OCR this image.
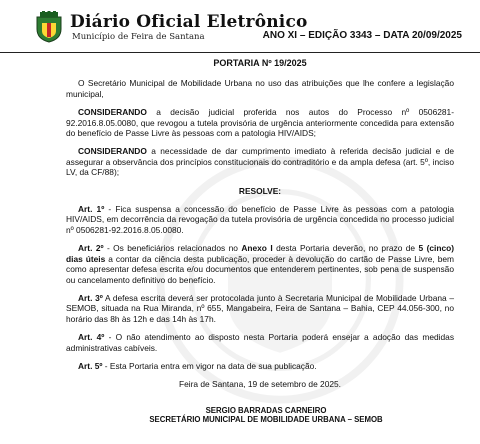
Diário Oficial Eletrônico
Município de Feira de Santana	ANO XI – EDIÇÃO 3343 – DATA 20/09/2025
PORTARIA Nº 19/2025

O Secretário Municipal de Mobilidade Urbana no uso das atribuições que lhe confere a legislação municipal,

CONSIDERANDO a decisão judicial proferida nos autos do Processo nº 0506281-92.2016.8.05.0080, que revogou a tutela provisória de urgência anteriormente concedida para extensão do benefício de Passe Livre às pessoas com a patologia HIV/AIDS;

CONSIDERANDO a necessidade de dar cumprimento imediato à referida decisão judicial e de assegurar a observância dos princípios constitucionais do contraditório e da ampla defesa (art. 5º, inciso LV, da CF/88);

RESOLVE:

Art. 1º - Fica suspensa a concessão do benefício de Passe Livre às pessoas com a patologia HIV/AIDS, em decorrência da revogação da tutela provisória de urgência concedida no processo judicial nº 0506281-92.2016.8.05.0080.

Art. 2º - Os beneficiários relacionados no Anexo I desta Portaria deverão, no prazo de 5 (cinco) dias úteis a contar da ciência desta publicação, proceder à devolução do cartão de Passe Livre, bem como apresentar defesa escrita e/ou documentos que entenderem pertinentes, sob pena de suspensão ou cancelamento definitivo do benefício.

Art. 3º A defesa escrita deverá ser protocolada junto à Secretaria Municipal de Mobilidade Urbana – SEMOB, situada na Rua Miranda, nº 655, Mangabeira, Feira de Santana – Bahia, CEP 44.056-300, no horário das 8h às 12h e das 14h às 17h.

Art. 4º - O não atendimento ao disposto nesta Portaria poderá ensejar a adoção das medidas administrativas cabíveis.

Art. 5º - Esta Portaria entra em vigor na data de sua publicação.

Feira de Santana, 19 de setembro de 2025.

SERGIO BARRADAS CARNEIRO

SECRETÁRIO MUNICIPAL DE MOBILIDADE URBANA – SEMOB
